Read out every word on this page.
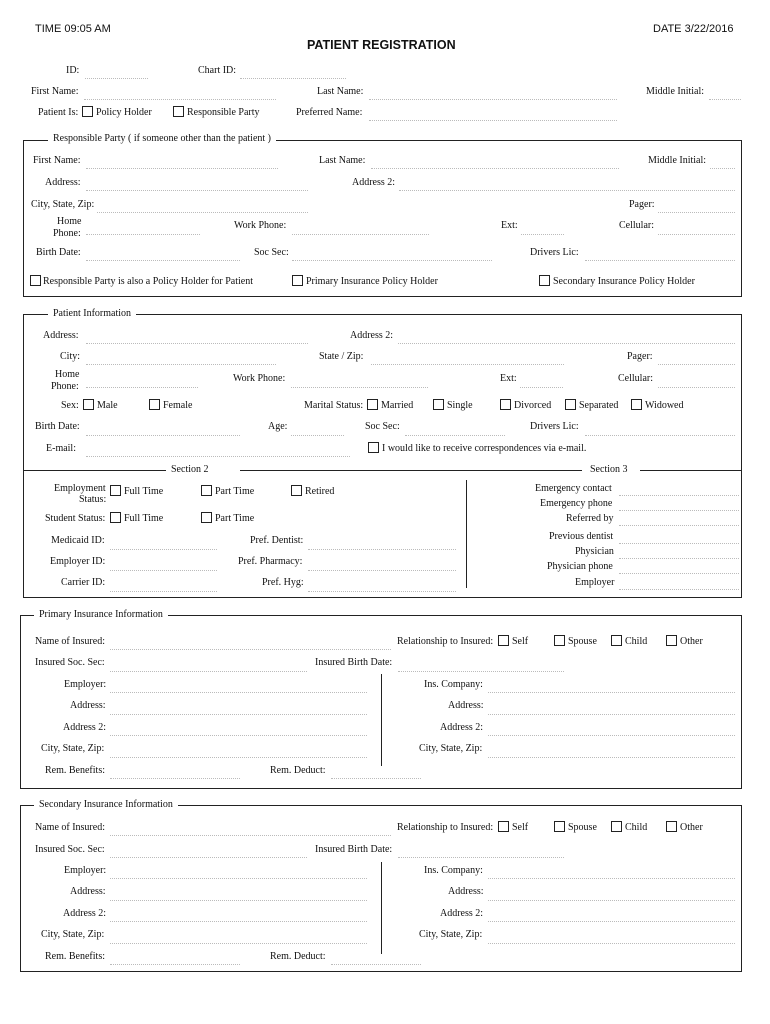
TIME 09:05 AM	DATE 3/22/2016
PATIENT REGISTRATION
ID:	Chart ID:
First Name:	Last Name:	Middle Initial:
Patient Is: Policy Holder	Responsible Party	Preferred Name:
Responsible Party ( if someone other than the patient )
First Name:	Last Name:	Middle Initial:
Address:	Address 2:
City, State, Zip:	Pager:
Home
Phone:
Work Phone:	Ext:	Cellular:
Birth Date:	Soc Sec:	Drivers Lic:
Responsible Party is also a Policy Holder for Patient	Primary Insurance Policy Holder	Secondary Insurance Policy Holder
Patient Information
Address:	Address 2:
City:	State / Zip:	Pager:
Home
Phone:
Work Phone:	Ext:	Cellular:
Sex: Male	Female	Marital Status: Married	Single	Divorced	Separated	Widowed
Birth Date:	Age:	Soc Sec:	Drivers Lic:
E-mail:	I would like to receive correspondences via e-mail.
Section 2	Section 3
Employment
Status:
Full Time	Part Time	Retired
Student Status: Full Time	Part Time
Medicaid ID:	Pref. Dentist:
Employer ID:	Pref. Pharmacy:
Carrier ID:	Pref. Hyg:
Emergency contact
Emergency phone
Referred by
Previous dentist
Physician
Physician phone
Employer
Primary Insurance Information
Name of Insured:	Relationship to Insured: Self	Spouse	Child	Other
Insured Soc. Sec:	Insured Birth Date:
Employer:	Ins. Company:
Address:	Address:
Address 2:	Address 2:
City, State, Zip:	City, State, Zip:
Rem. Benefits:	Rem. Deduct:
Secondary Insurance Information
Name of Insured:	Relationship to Insured: Self	Spouse	Child	Other
Insured Soc. Sec:	Insured Birth Date:
Employer:	Ins. Company:
Address:	Address:
Address 2:	Address 2:
City, State, Zip:	City, State, Zip:
Rem. Benefits:	Rem. Deduct:
